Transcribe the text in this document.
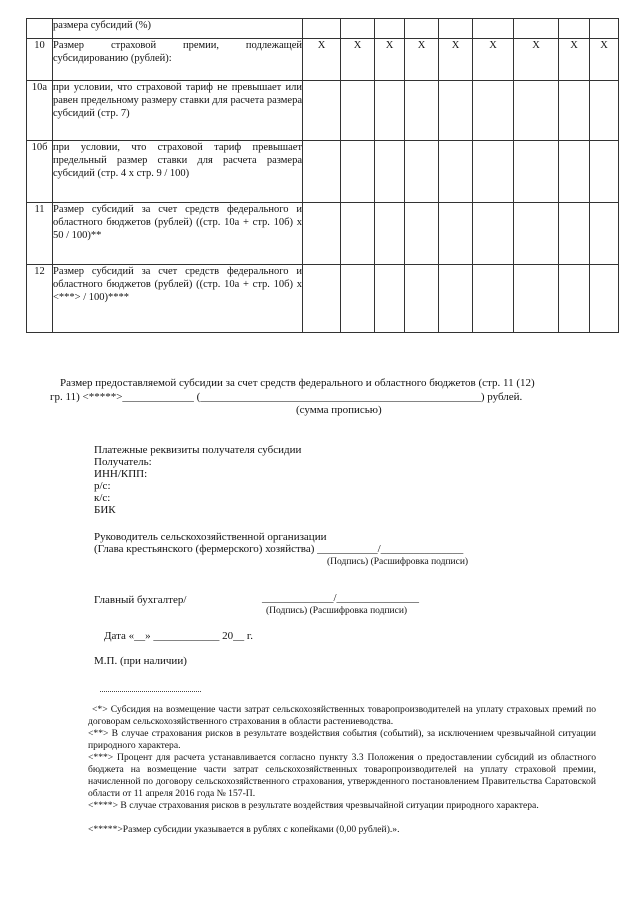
	размера субсидий (%)									
10	Размер страховой премии, подлежащей субсидированию (рублей):	X	X	X	X	X	X	X	X	X
10а	при условии, что страховой тариф не превышает или равен предельному размеру ставки для расчета размера субсидий (стр. 7)									
10б	при условии, что страховой тариф превышает предельный размер ставки для расчета размера субсидий (стр. 4 x стр. 9 / 100)									
11	Размер субсидий за счет средств федерального и областного бюджетов (рублей) ((стр. 10а + стр. 10б) x 50 / 100)**									
12	Размер субсидий за счет средств федерального и областного бюджетов (рублей) ((стр. 10а + стр. 10б) x <***> / 100)****									
Размер предоставляемой субсидии за счет средств федерального и областного бюджетов (стр. 11 (12)
гр. 11) <*****>_____________ (___________________________________________________) рублей.
(сумма прописью)
Платежные реквизиты получателя субсидии
Получатель:
ИНН/КПП:
р/с:
к/с:
БИК
Руководитель сельскохозяйственной организации
(Глава крестьянского (фермерского) хозяйства) ___________/_______________
(Подпись) (Расшифровка подписи)
Главный бухгалтер/	_____________/_______________
(Подпись) (Расшифровка подписи)
Дата «__» ____________ 20__ г.
М.П. (при наличии)
<*> Субсидия на возмещение части затрат сельскохозяйственных товаропроизводителей на уплату страховых премий по договорам сельскохозяйственного страхования в области растениеводства.
<**> В случае страхования рисков в результате воздействия события (событий), за исключением чрезвычайной ситуации природного характера.
<***> Процент для расчета устанавливается согласно пункту 3.3 Положения о предоставлении субсидий из областного бюджета на возмещение части затрат сельскохозяйственных товаропроизводителей на уплату страховой премии, начисленной по договору сельскохозяйственного страхования, утвержденного постановлением Правительства Саратовской области от 11 апреля 2016 года № 157-П.
<****> В случае страхования рисков в результате воздействия чрезвычайной ситуации природного характера.
<*****>Размер субсидии указывается в рублях с копейками (0,00 рублей).».
